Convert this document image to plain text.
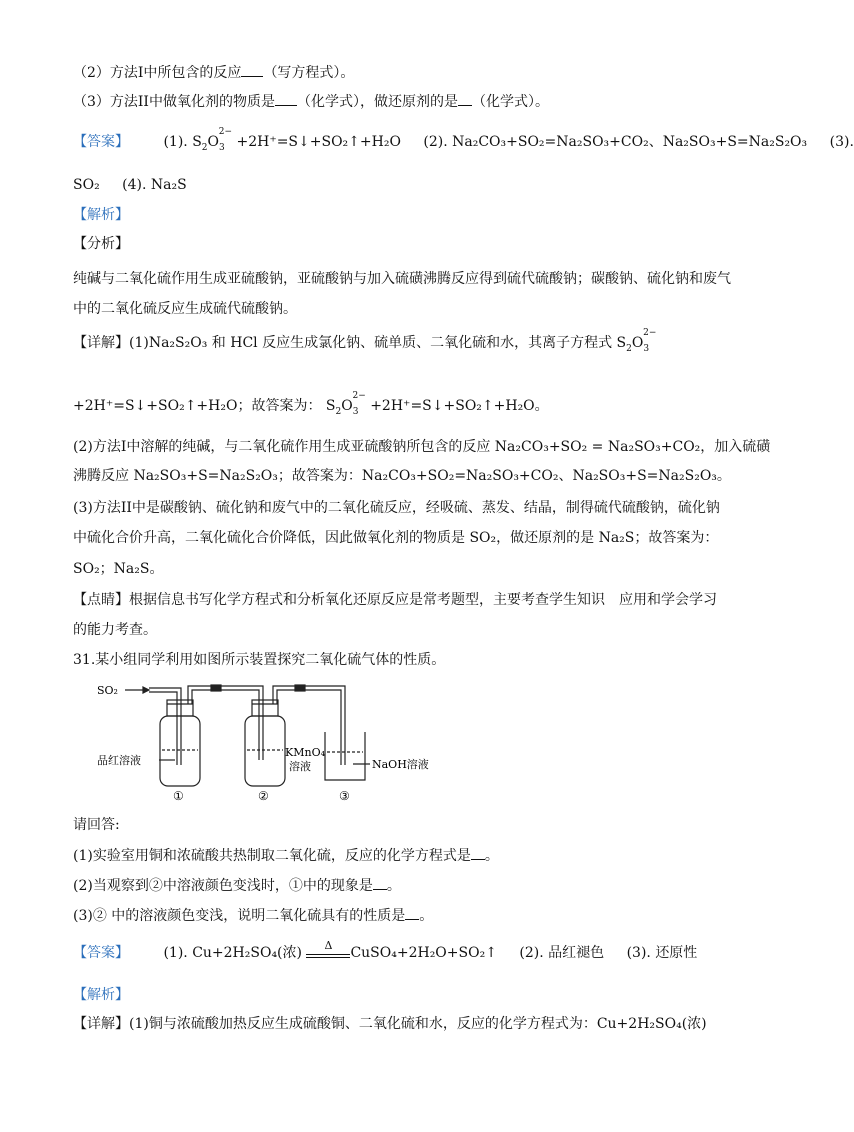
（2）方法I中所包含的反应 （写方程式）。
（3）方法II中做氧化剂的物质是 （化学式），做还原剂的是 （化学式）。
【答案】 (1). $S_2O_3^{2-}$ +2H⁺=S↓+SO₂↑+H₂O (2). Na₂CO₃+SO₂=Na₂SO₃+CO₂、Na₂SO₃+S=Na₂S₂O₃ (3).
SO₂ (4). Na₂S
【解析】
【分析】
纯碱与二氧化硫作用生成亚硫酸钠，亚硫酸钠与加入硫磺沸腾反应得到硫代硫酸钠；碳酸钠、硫化钠和废气中的二氧化硫反应生成硫代硫酸钠。
【详解】(1)Na₂S₂O₃ 和 HCl 反应生成氯化钠、硫单质、二氧化硫和水，其离子方程式 $S_2O_3^{2-}$
+2H⁺=S↓+SO₂↑+H₂O；故答案为： $S_2O_3^{2-}$ +2H⁺=S↓+SO₂↑+H₂O。
(2)方法I中溶解的纯碱，与二氧化硫作用生成亚硫酸钠所包含的反应 Na₂CO₃+SO₂ = Na₂SO₃+CO₂，加入硫磺
沸腾反应 Na₂SO₃+S=Na₂S₂O₃；故答案为：Na₂CO₃+SO₂=Na₂SO₃+CO₂、Na₂SO₃+S=Na₂S₂O₃。
(3)方法II中是碳酸钠、硫化钠和废气中的二氧化硫反应，经吸硫、蒸发、结晶，制得硫代硫酸钠，硫化钠
中硫化合价升高，二氧化硫化合价降低，因此做氧化剂的物质是 SO₂，做还原剂的是 Na₂S；故答案为：
SO₂；Na₂S。
【点睛】根据信息书写化学方程式和分析氧化还原反应是常考题型，主要考查学生知识　应用和学会学习
的能力考查。
31.某小组同学利用如图所示装置探究二氧化硫气体的性质。
SO₂
品红溶液
KMnO₄
溶液	NaOH溶液
①	②	③
请回答:
(1)实验室用铜和浓硫酸共热制取二氧化硫，反应的化学方程式是 。
(2)当观察到②中溶液颜色变浅时，①中的现象是 。
(3)② 中的溶液颜色变浅，说明二氧化硫具有的性质是 。
【答案】 (1). Cu+2H₂SO₄(浓)	Δ	CuSO₄+2H₂O+SO₂↑ (2). 品红褪色 (3). 还原性
【解析】
【详解】(1)铜与浓硫酸加热反应生成硫酸铜、二氧化硫和水，反应的化学方程式为：Cu+2H₂SO₄(浓)
